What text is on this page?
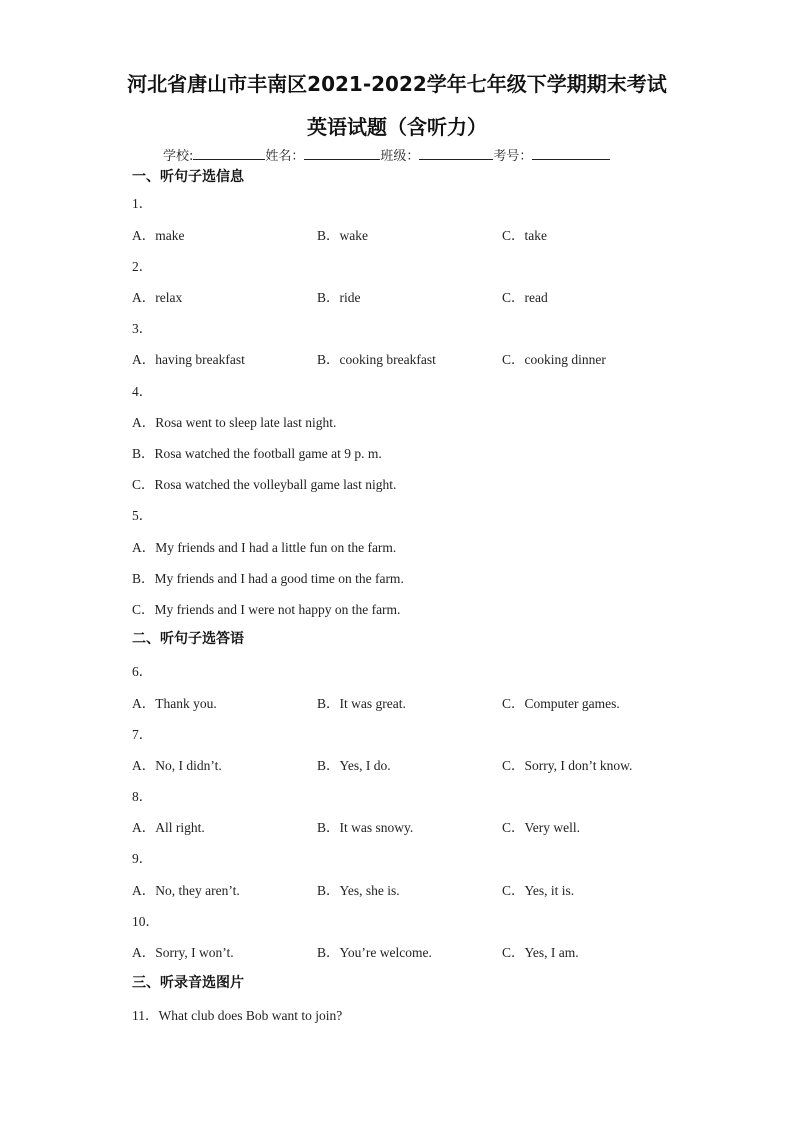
河北省唐山市丰南区2021-2022学年七年级下学期期末考试
英语试题（含听力）
学校:	姓名：	班级：	考号：
一、听句子选信息
1．
A．make	B．wake	C．take
2．
A．relax	B．ride	C．read
3．
A．having breakfast	B．cooking breakfast	C．cooking dinner
4．
A．Rosa went to sleep late last night.
B．Rosa watched the football game at 9 p. m.
C．Rosa watched the volleyball game last night.
5．
A．My friends and I had a little fun on the farm.
B．My friends and I had a good time on the farm.
C．My friends and I were not happy on the farm.
二、听句子选答语
6．
A．Thank you.	B．It was great.	C．Computer games.
7．
A．No, I didn’t.	B．Yes, I do.	C．Sorry, I don’t know.
8．
A．All right.	B．It was snowy.	C．Very well.
9．
A．No, they aren’t.	B．Yes, she is.	C．Yes, it is.
10．
A．Sorry, I won’t.	B．You’re welcome.	C．Yes, I am.
三、听录音选图片
11．What club does Bob want to join?
